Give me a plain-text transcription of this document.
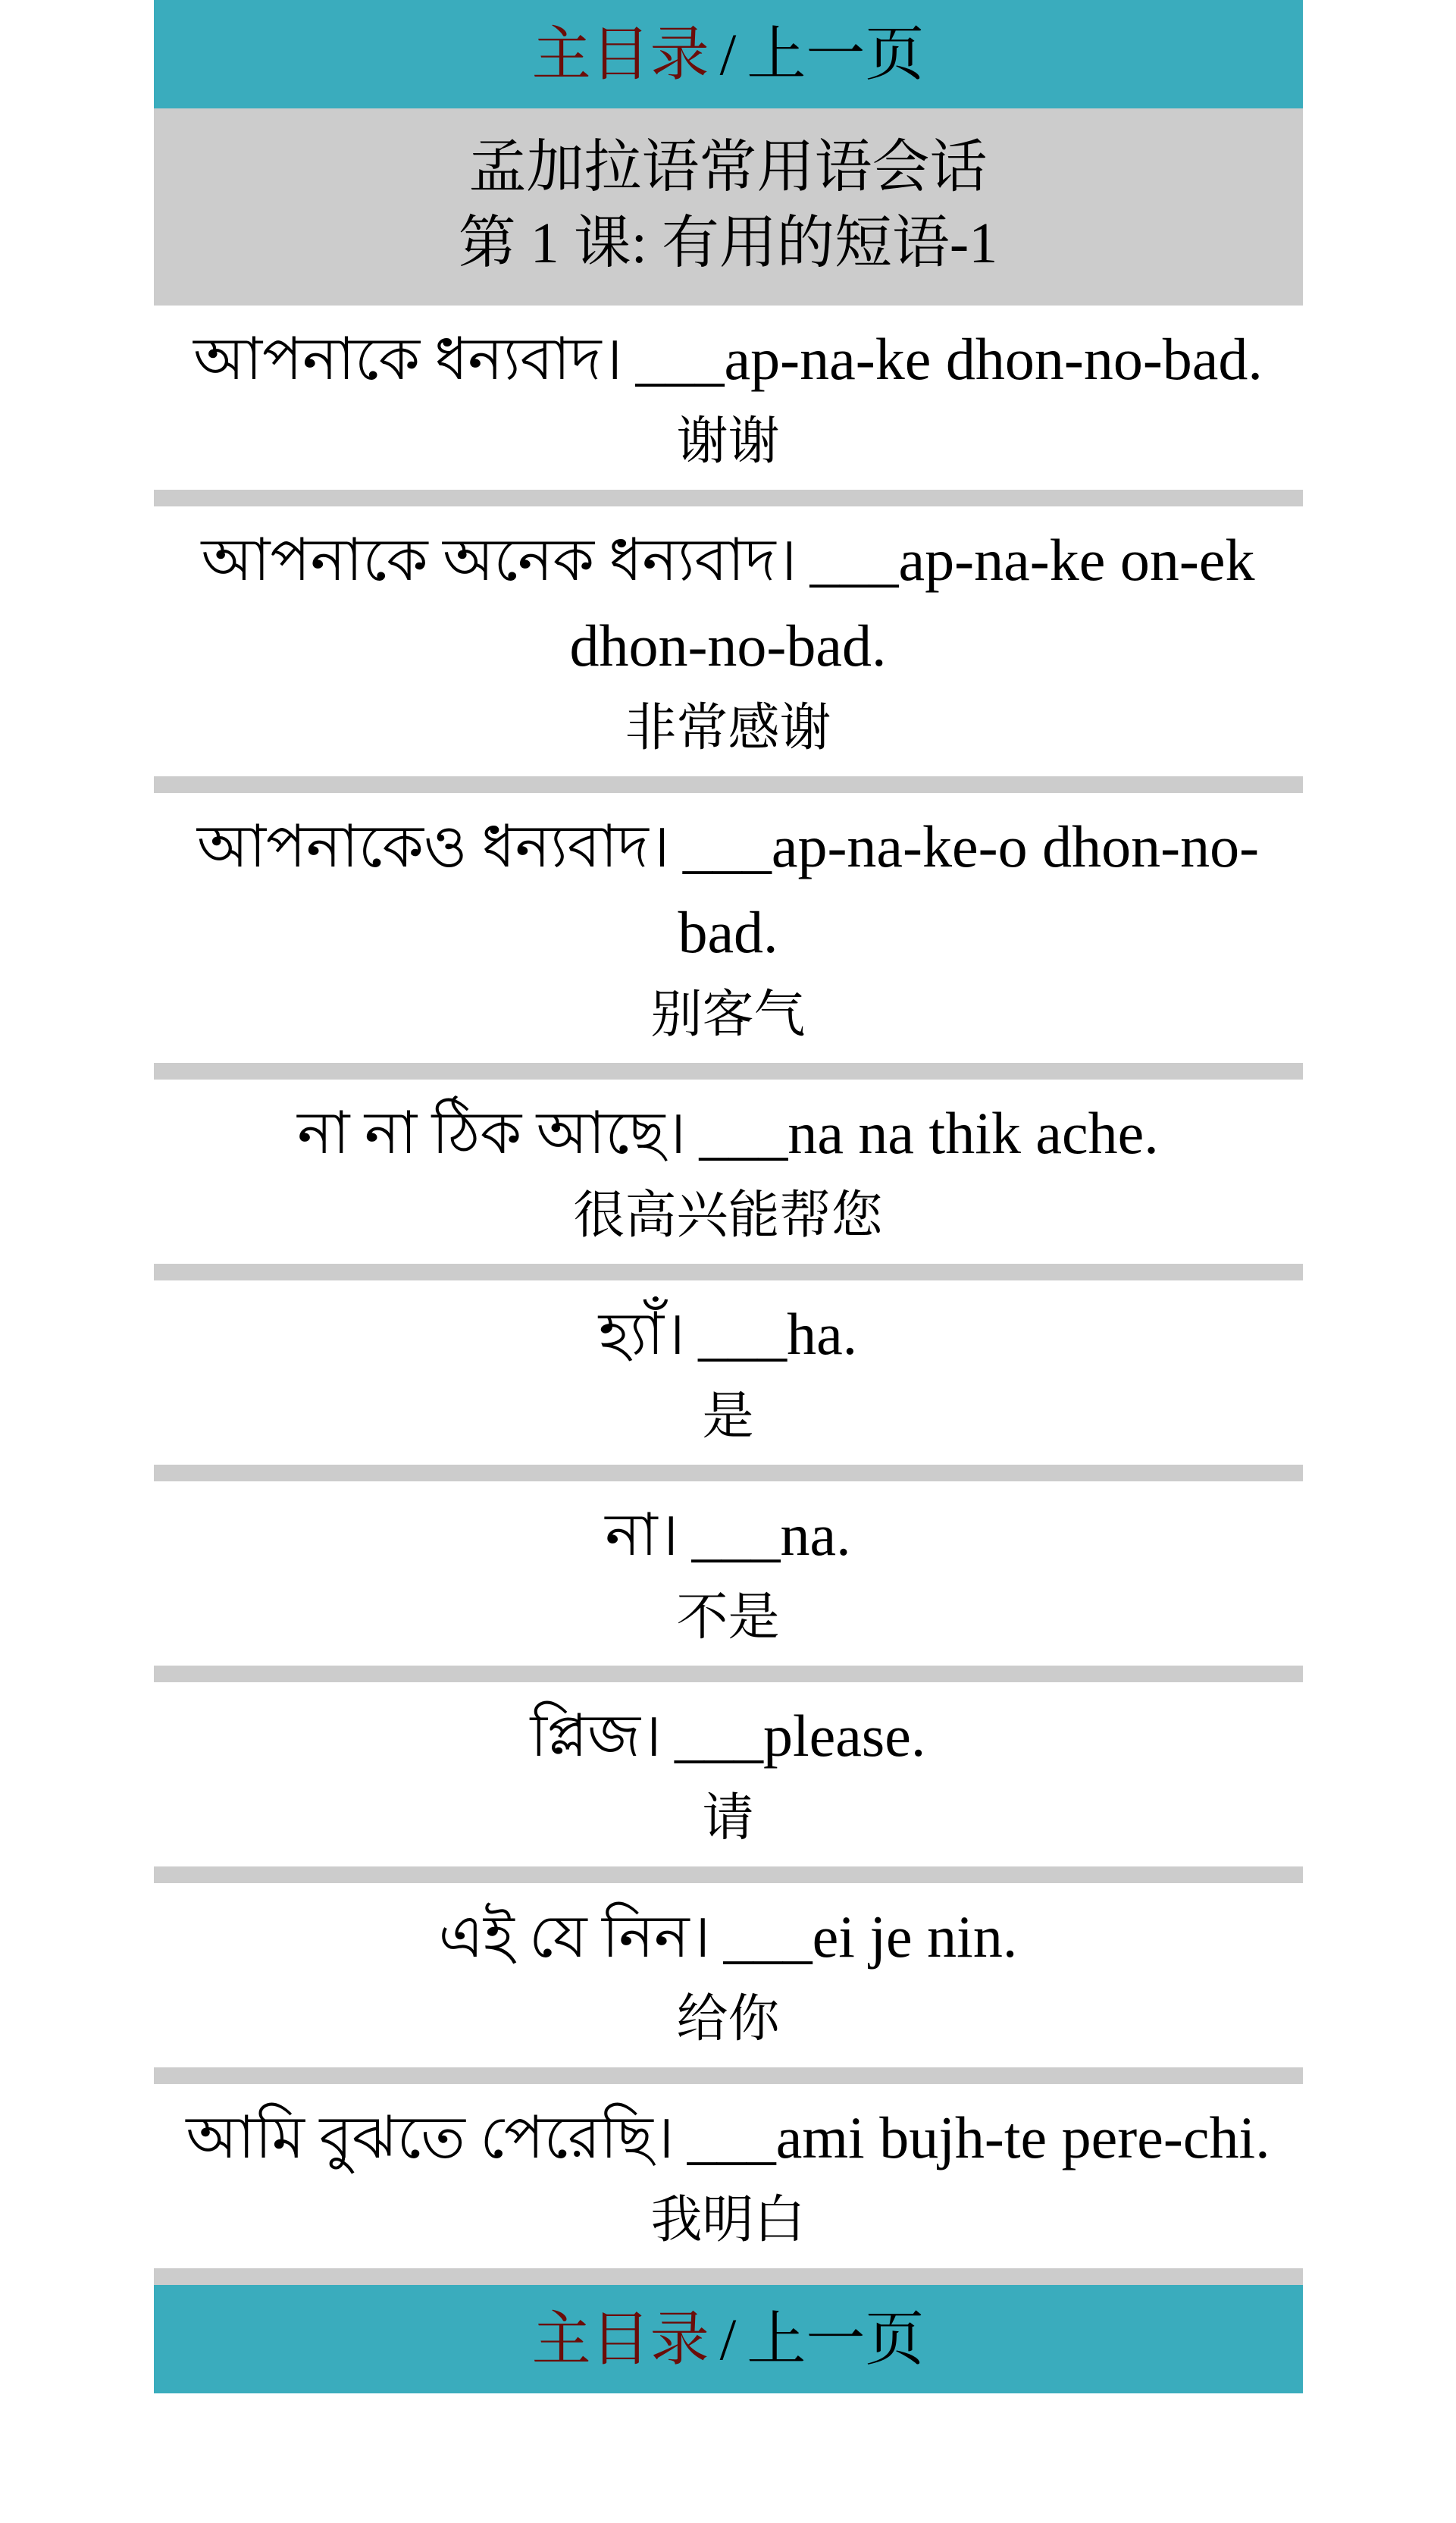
主目录 / 上一页
孟加拉语常用语会话
第 1 课: 有用的短语-1

আপনাকে ধন্যবাদ। ___ap-na-ke dhon-no-bad.

谢谢

আপনাকে অনেক ধন্যবাদ। ___ap-na-ke on-ek dhon-no-bad.

非常感谢

আপনাকেও ধন্যবাদ। ___ap-na-ke-o dhon-no-bad.

别客气

না না ঠিক আছে। ___na na thik ache.

很高兴能帮您

হ্যাঁ। ___ha.

是

না। ___na.

不是

প্লিজ। ___please.

请

এই যে নিন। ___ei je nin.

给你

আমি বুঝতে পেরেছি। ___ami bujh-te pere-chi.

我明白

主目录 / 上一页
